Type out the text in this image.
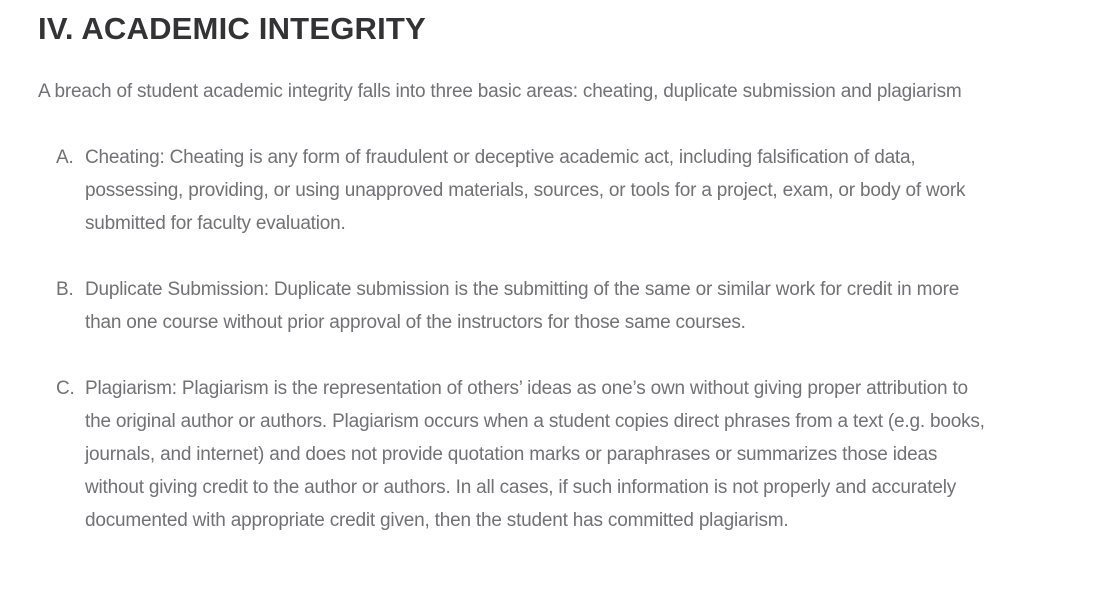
IV. ACADEMIC INTEGRITY

A breach of student academic integrity falls into three basic areas: cheating, duplicate submission and plagiarism

A. Cheating: Cheating is any form of fraudulent or deceptive academic act, including falsification of data, possessing, providing, or using unapproved materials, sources, or tools for a project, exam, or body of work submitted for faculty evaluation.
B. Duplicate Submission: Duplicate submission is the submitting of the same or similar work for credit in more than one course without prior approval of the instructors for those same courses.
C. Plagiarism: Plagiarism is the representation of others’ ideas as one’s own without giving proper attribution to the original author or authors. Plagiarism occurs when a student copies direct phrases from a text (e.g. books, journals, and internet) and does not provide quotation marks or paraphrases or summarizes those ideas without giving credit to the author or authors. In all cases, if such information is not properly and accurately documented with appropriate credit given, then the student has committed plagiarism.
